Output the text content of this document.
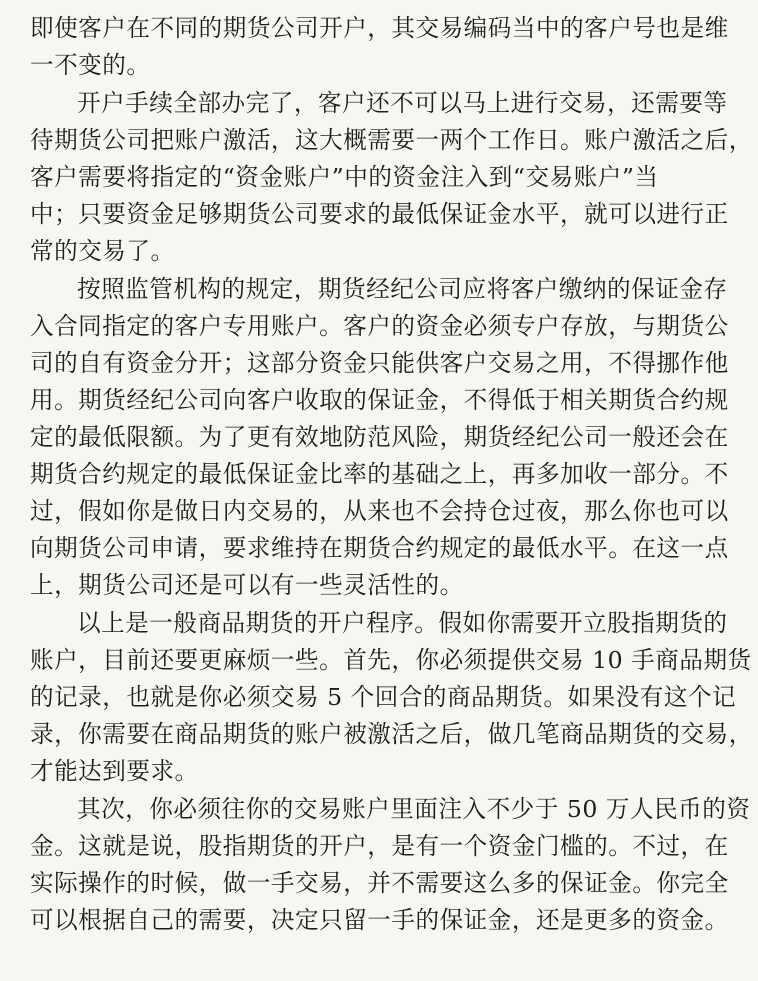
即使客户在不同的期货公司开户，其交易编码当中的客户号也是维
一不变的。
开户手续全部办完了，客户还不可以马上进行交易，还需要等
待期货公司把账户激活，这大概需要一两个工作日。账户激活之后，
客户需要将指定的“资金账户”中的资金注入到“交易账户”当
中；只要资金足够期货公司要求的最低保证金水平，就可以进行正
常的交易了。
按照监管机构的规定，期货经纪公司应将客户缴纳的保证金存
入合同指定的客户专用账户。客户的资金必须专户存放，与期货公
司的自有资金分开；这部分资金只能供客户交易之用，不得挪作他
用。期货经纪公司向客户收取的保证金，不得低于相关期货合约规
定的最低限额。为了更有效地防范风险，期货经纪公司一般还会在
期货合约规定的最低保证金比率的基础之上，再多加收一部分。不
过，假如你是做日内交易的，从来也不会持仓过夜，那么你也可以
向期货公司申请，要求维持在期货合约规定的最低水平。在这一点
上，期货公司还是可以有一些灵活性的。
以上是一般商品期货的开户程序。假如你需要开立股指期货的
账户，目前还要更麻烦一些。首先，你必须提供交易 10 手商品期货
的记录，也就是你必须交易 5 个回合的商品期货。如果没有这个记
录，你需要在商品期货的账户被激活之后，做几笔商品期货的交易，
才能达到要求。
其次，你必须往你的交易账户里面注入不少于 50 万人民币的资
金。这就是说，股指期货的开户，是有一个资金门槛的。不过，在
实际操作的时候，做一手交易，并不需要这么多的保证金。你完全
可以根据自己的需要，决定只留一手的保证金，还是更多的资金。
